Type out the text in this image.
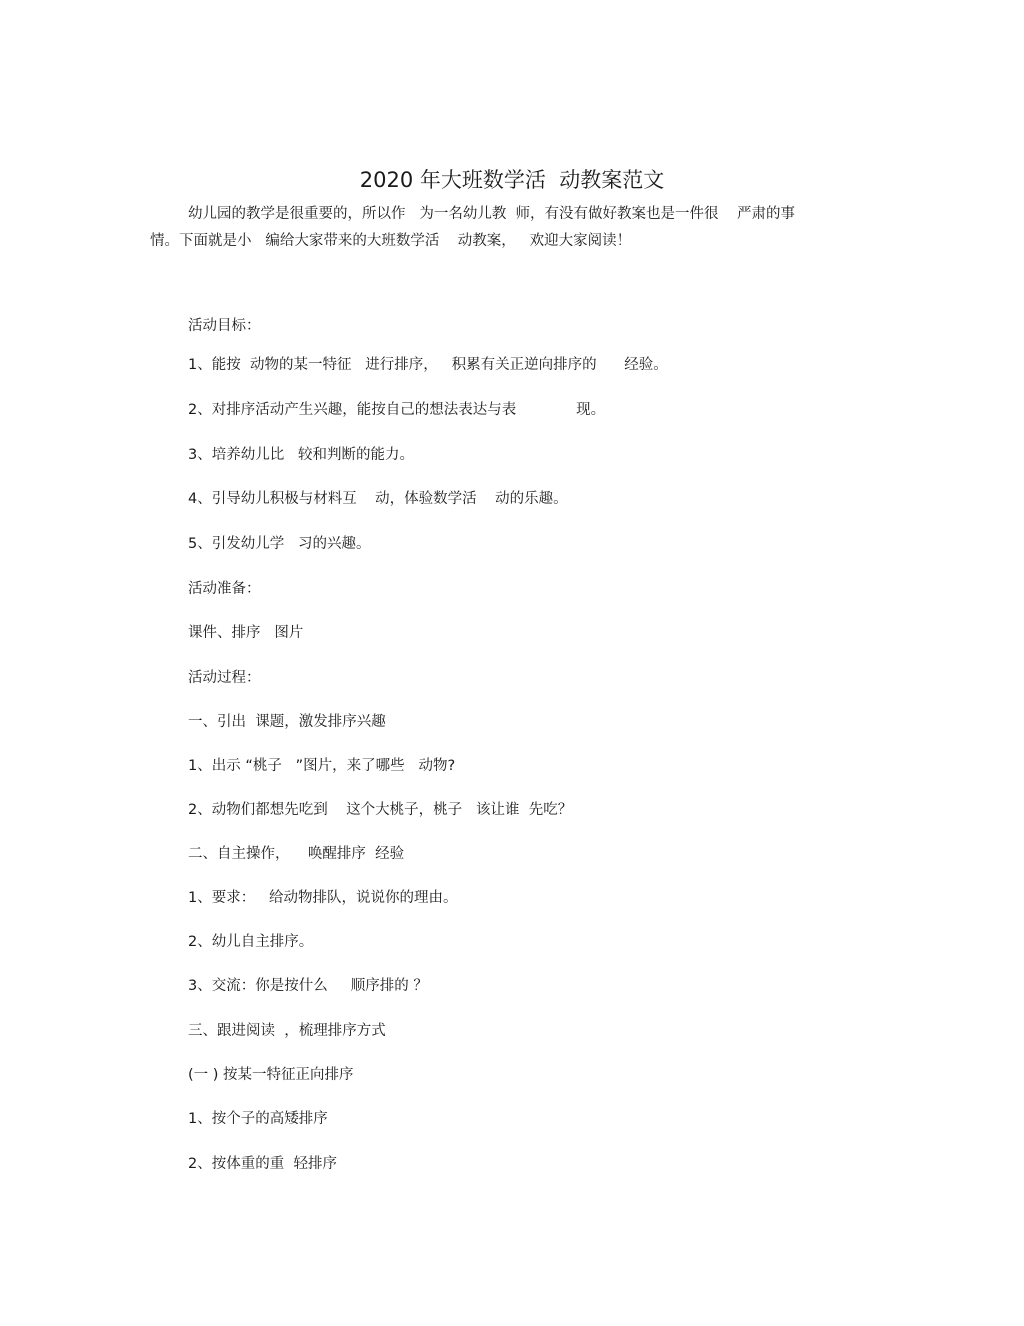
2020 年大班数学活  动教案范文
幼儿园的教学是很重要的，所以作   为一名幼儿教  师，有没有做好教案也是一件很    严肃的事
情。下面就是小   编给大家带来的大班数学活    动教案，   欢迎大家阅读！
活动目标：
1、能按  动物的某一特征   进行排序，   积累有关正逆向排序的      经验。
2、对排序活动产生兴趣，能按自己的想法表达与表             现。
3、培养幼儿比   较和判断的能力。
4、引导幼儿积极与材料互    动，体验数学活    动的乐趣。
5、引发幼儿学   习的兴趣。
活动准备：
课件、排序   图片
活动过程：
一、引出  课题，激发排序兴趣
1、出示 “桃子   ”图片，来了哪些   动物?
2、动物们都想先吃到    这个大桃子，桃子   该让谁  先吃？
二、自主操作，    唤醒排序  经验
1、要求：   给动物排队，说说你的理由。
2、幼儿自主排序。
3、交流：你是按什么     顺序排的 ？
三、跟进阅读  ，梳理排序方式
(一 ) 按某一特征正向排序
1、按个子的高矮排序
2、按体重的重  轻排序
